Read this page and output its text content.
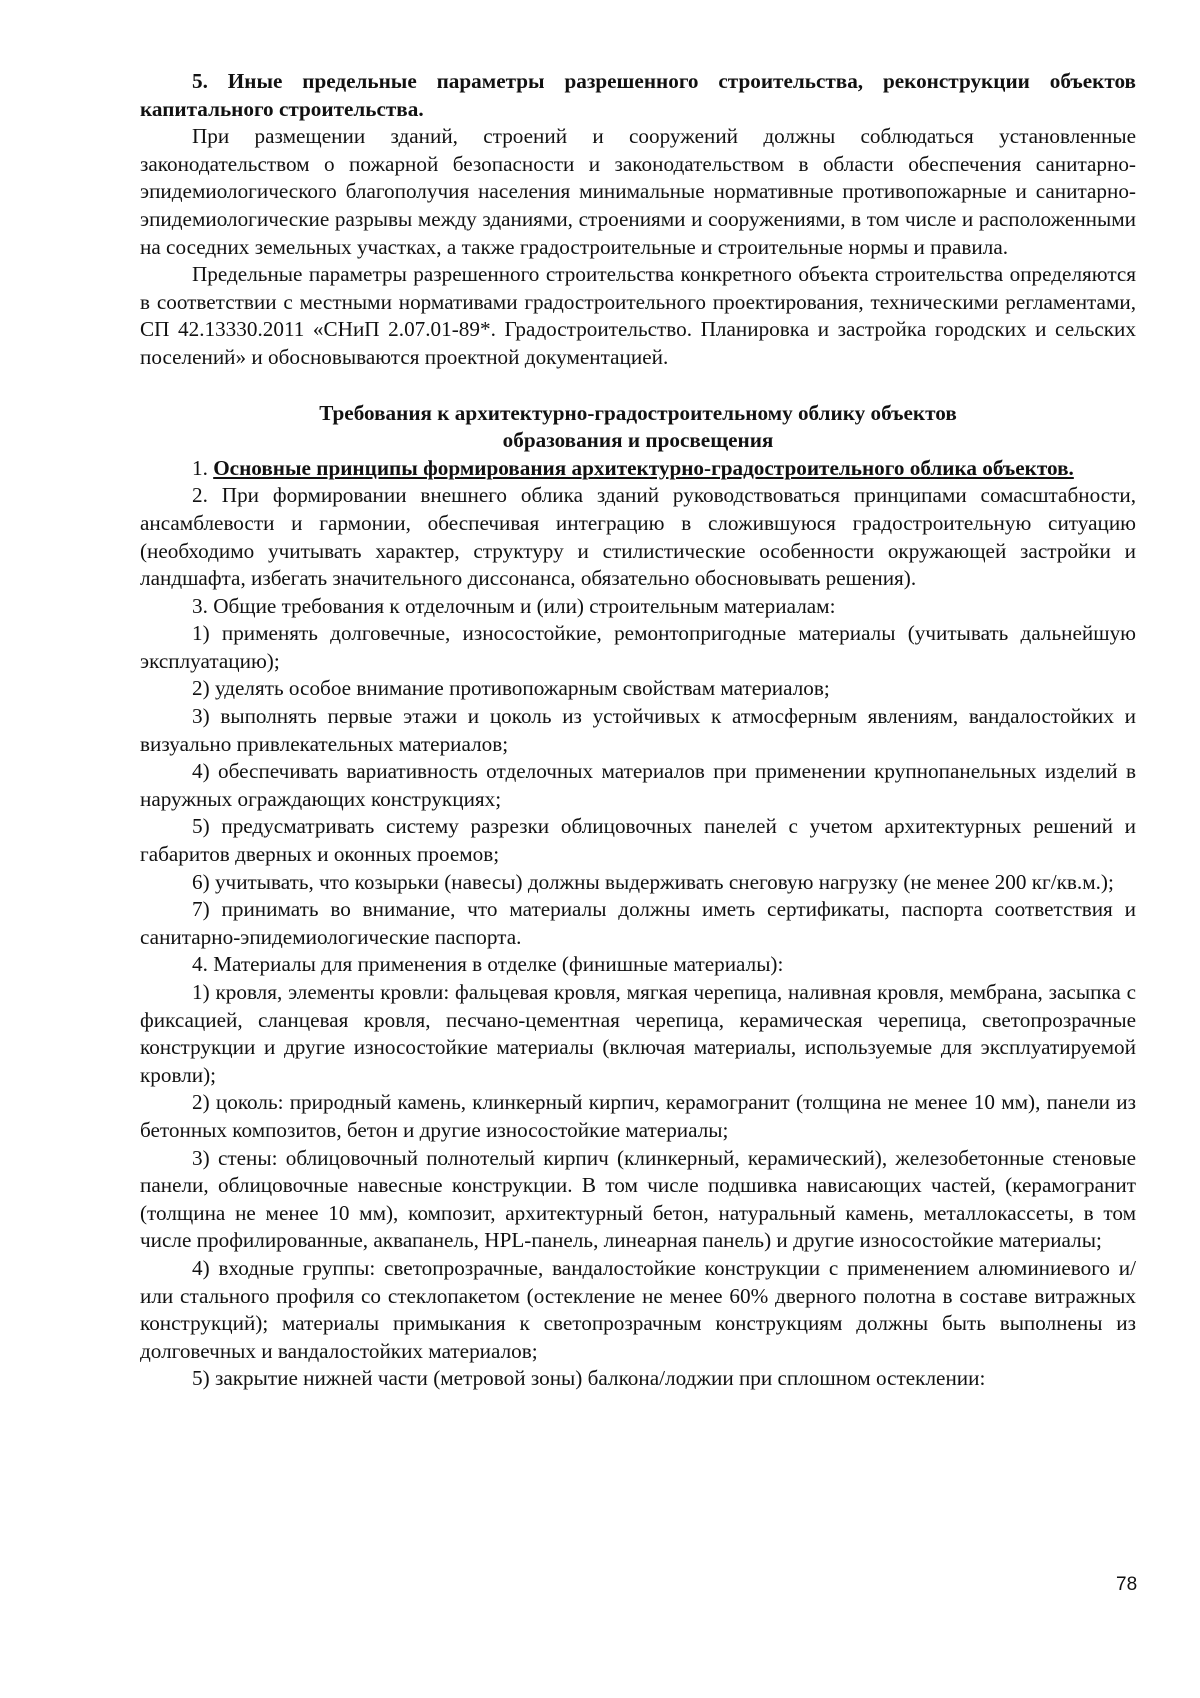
5. Иные предельные параметры разрешенного строительства, реконструкции объектов капитального строительства.

При размещении зданий, строений и сооружений должны соблюдаться установленные законодательством о пожарной безопасности и законодательством в области обеспечения санитарно-эпидемиологического благополучия населения минимальные нормативные противопожарные и санитарно-эпидемиологические разрывы между зданиями, строениями и сооружениями, в том числе и расположенными на соседних земельных участках, а также градостроительные и строительные нормы и правила.

Предельные параметры разрешенного строительства конкретного объекта строительства определяются в соответствии с местными нормативами градостроительного проектирования, техническими регламентами, СП 42.13330.2011 «СНиП 2.07.01-89*. Градостроительство. Планировка и застройка городских и сельских поселений» и обосновываются проектной документацией.

Требования к архитектурно-градостроительному облику объектов

образования и просвещения

1. Основные принципы формирования архитектурно-градостроительного облика объектов.

2. При формировании внешнего облика зданий руководствоваться принципами сомасштабности, ансамблевости и гармонии, обеспечивая интеграцию в сложившуюся градостроительную ситуацию (необходимо учитывать характер, структуру и стилистические особенности окружающей застройки и ландшафта, избегать значительного диссонанса, обязательно обосновывать решения).

3. Общие требования к отделочным и (или) строительным материалам:

1) применять долговечные, износостойкие, ремонтопригодные материалы (учитывать дальнейшую эксплуатацию);

2) уделять особое внимание противопожарным свойствам материалов;

3) выполнять первые этажи и цоколь из устойчивых к атмосферным явлениям, вандалостойких и визуально привлекательных материалов;

4) обеспечивать вариативность отделочных материалов при применении крупнопанельных изделий в наружных ограждающих конструкциях;

5) предусматривать систему разрезки облицовочных панелей с учетом архитектурных решений и габаритов дверных и оконных проемов;

6) учитывать, что козырьки (навесы) должны выдерживать снеговую нагрузку (не менее 200 кг/кв.м.);

7) принимать во внимание, что материалы должны иметь сертификаты, паспорта соответствия и санитарно-эпидемиологические паспорта.

4. Материалы для применения в отделке (финишные материалы):

1) кровля, элементы кровли: фальцевая кровля, мягкая черепица, наливная кровля, мембрана, засыпка с фиксацией, сланцевая кровля, песчано-цементная черепица, керамическая черепица, светопрозрачные конструкции и другие износостойкие материалы (включая материалы, используемые для эксплуатируемой кровли);

2) цоколь: природный камень, клинкерный кирпич, керамогранит (толщина не менее 10 мм), панели из бетонных композитов, бетон и другие износостойкие материалы;

3) стены: облицовочный полнотелый кирпич (клинкерный, керамический), железобетонные стеновые панели, облицовочные навесные конструкции. В том числе подшивка нависающих частей, (керамогранит (толщина не менее 10 мм), композит, архитектурный бетон, натуральный камень, металлокассеты, в том числе профилированные, аквапанель, HPL-панель, линеарная панель) и другие износостойкие материалы;

4) входные группы: светопрозрачные, вандалостойкие конструкции с применением алюминиевого и/или стального профиля со стеклопакетом (остекление не менее 60% дверного полотна в составе витражных конструкций); материалы примыкания к светопрозрачным конструкциям должны быть выполнены из долговечных и вандалостойких материалов;

5) закрытие нижней части (метровой зоны) балкона/лоджии при сплошном остеклении:

78
